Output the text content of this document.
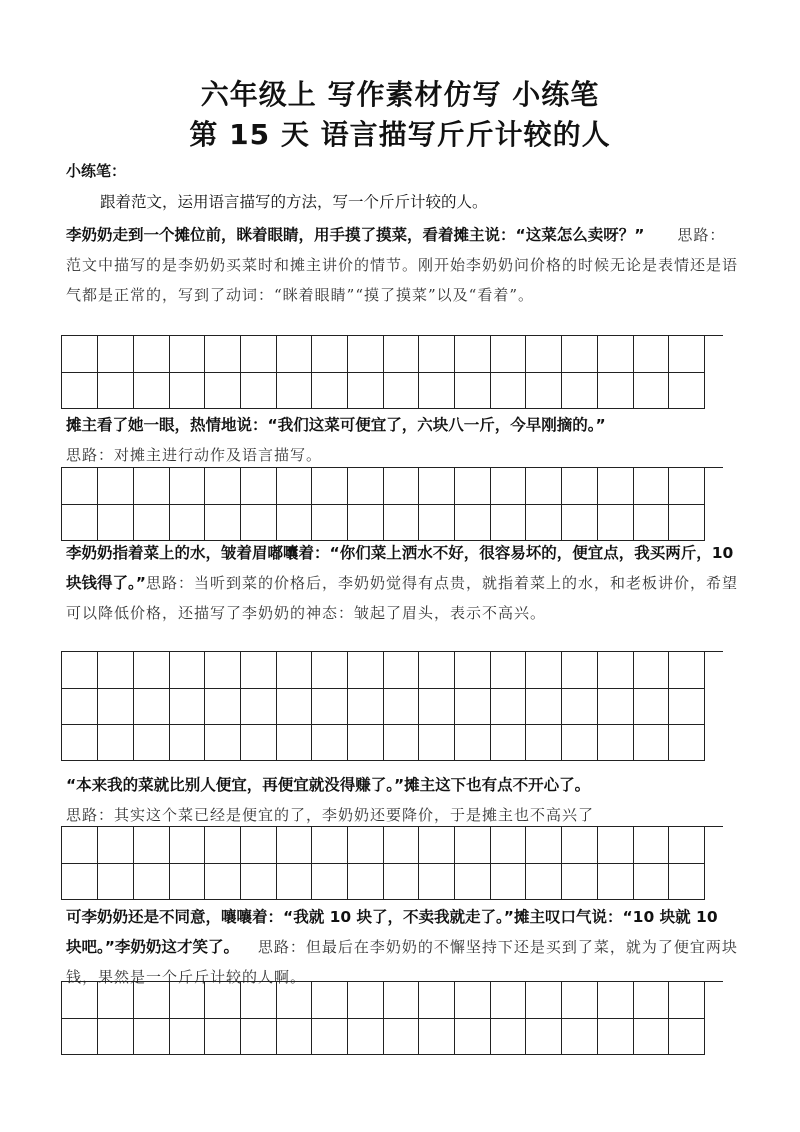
六年级上 写作素材仿写 小练笔
第 15 天 语言描写斤斤计较的人
小练笔：
跟着范文，运用语言描写的方法，写一个斤斤计较的人。
李奶奶走到一个摊位前，眯着眼睛，用手摸了摸菜，看着摊主说：“这菜怎么卖呀？” 思路：范文中描写的是李奶奶买菜时和摊主讲价的情节。刚开始李奶奶问价格的时候无论是表情还是语气都是正常的，写到了动词：“眯着眼睛”“摸了摸菜”以及“看着”。

摊主看了她一眼，热情地说：“我们这菜可便宜了，六块八一斤，今早刚摘的。”
思路：对摊主进行动作及语言描写。

李奶奶指着菜上的水，皱着眉嘟囔着：“你们菜上洒水不好，很容易坏的，便宜点，我买两斤，10 块钱得了。”思路：当听到菜的价格后，李奶奶觉得有点贵，就指着菜上的水，和老板讲价，希望可以降低价格，还描写了李奶奶的神态：皱起了眉头，表示不高兴。

“本来我的菜就比别人便宜，再便宜就没得赚了。”摊主这下也有点不开心了。
思路：其实这个菜已经是便宜的了，李奶奶还要降价，于是摊主也不高兴了

可李奶奶还是不同意，嚷嚷着：“我就 10 块了，不卖我就走了。”摊主叹口气说：“10 块就 10 块吧。”李奶奶这才笑了。 思路：但最后在李奶奶的不懈坚持下还是买到了菜，就为了便宜两块钱，果然是一个斤斤计较的人啊。
